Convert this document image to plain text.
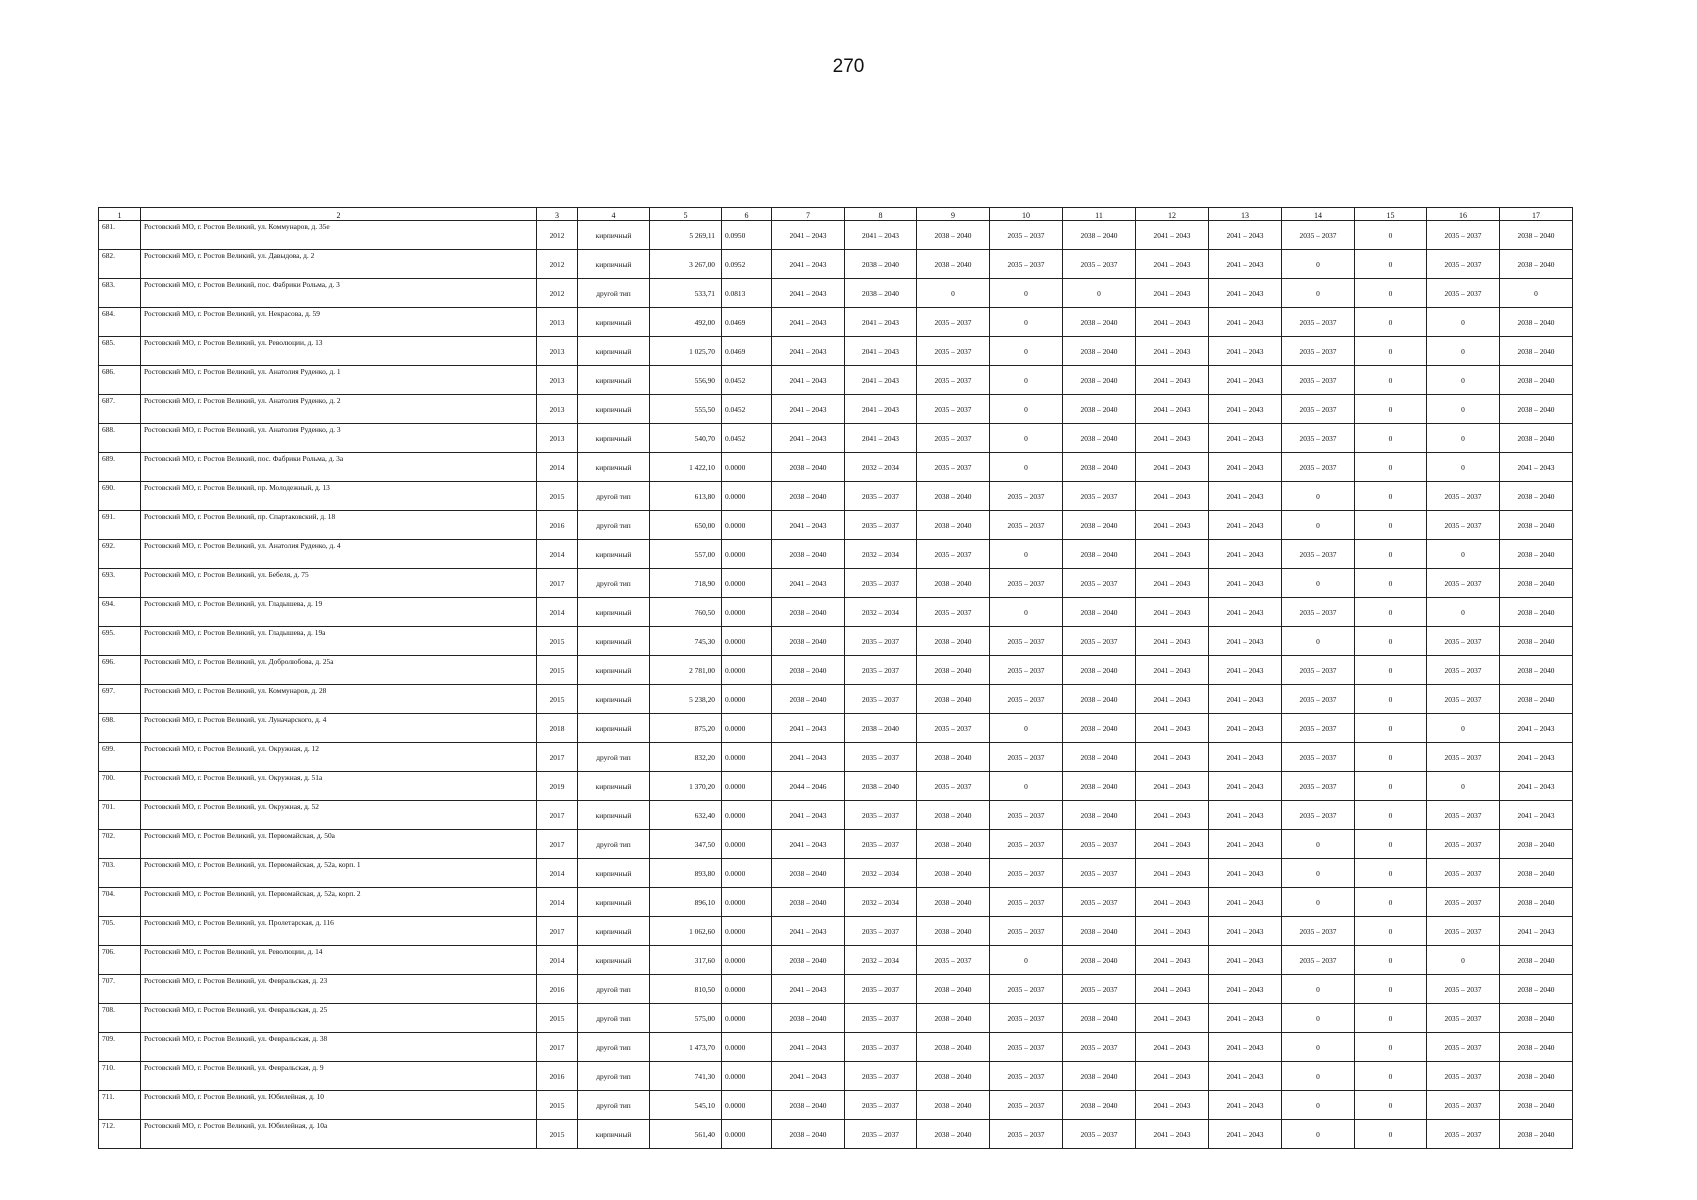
270
1	2	3	4	5	6	7	8	9	10	11	12	13	14	15	16	17
681.	Ростовский МО, г. Ростов Великий, ул. Коммунаров, д. 35е	2012	кирпичный	5 269,11	0.0950	2041 – 2043	2041 – 2043	2038 – 2040	2035 – 2037	2038 – 2040	2041 – 2043	2041 – 2043	2035 – 2037	0	2035 – 2037	2038 – 2040
682.	Ростовский МО, г. Ростов Великий, ул. Давыдова, д. 2	2012	кирпичный	3 267,00	0.0952	2041 – 2043	2038 – 2040	2038 – 2040	2035 – 2037	2035 – 2037	2041 – 2043	2041 – 2043	0	0	2035 – 2037	2038 – 2040
683.	Ростовский МО, г. Ростов Великий, пос. Фабрики Рольма, д. 3	2012	другой тип	533,71	0.0813	2041 – 2043	2038 – 2040	0	0	0	2041 – 2043	2041 – 2043	0	0	2035 – 2037	0
684.	Ростовский МО, г. Ростов Великий, ул. Некрасова, д. 59	2013	кирпичный	492,00	0.0469	2041 – 2043	2041 – 2043	2035 – 2037	0	2038 – 2040	2041 – 2043	2041 – 2043	2035 – 2037	0	0	2038 – 2040
685.	Ростовский МО, г. Ростов Великий, ул. Революции, д. 13	2013	кирпичный	1 025,70	0.0469	2041 – 2043	2041 – 2043	2035 – 2037	0	2038 – 2040	2041 – 2043	2041 – 2043	2035 – 2037	0	0	2038 – 2040
686.	Ростовский МО, г. Ростов Великий, ул. Анатолия Руденко, д. 1	2013	кирпичный	556,90	0.0452	2041 – 2043	2041 – 2043	2035 – 2037	0	2038 – 2040	2041 – 2043	2041 – 2043	2035 – 2037	0	0	2038 – 2040
687.	Ростовский МО, г. Ростов Великий, ул. Анатолия Руденко, д. 2	2013	кирпичный	555,50	0.0452	2041 – 2043	2041 – 2043	2035 – 2037	0	2038 – 2040	2041 – 2043	2041 – 2043	2035 – 2037	0	0	2038 – 2040
688.	Ростовский МО, г. Ростов Великий, ул. Анатолия Руденко, д. 3	2013	кирпичный	540,70	0.0452	2041 – 2043	2041 – 2043	2035 – 2037	0	2038 – 2040	2041 – 2043	2041 – 2043	2035 – 2037	0	0	2038 – 2040
689.	Ростовский МО, г. Ростов Великий, пос. Фабрики Рольма, д. 3а	2014	кирпичный	1 422,10	0.0000	2038 – 2040	2032 – 2034	2035 – 2037	0	2038 – 2040	2041 – 2043	2041 – 2043	2035 – 2037	0	0	2041 – 2043
690.	Ростовский МО, г. Ростов Великий, пр. Молодежный, д. 13	2015	другой тип	613,80	0.0000	2038 – 2040	2035 – 2037	2038 – 2040	2035 – 2037	2035 – 2037	2041 – 2043	2041 – 2043	0	0	2035 – 2037	2038 – 2040
691.	Ростовский МО, г. Ростов Великий, пр. Спартаковский, д. 18	2016	другой тип	650,00	0.0000	2041 – 2043	2035 – 2037	2038 – 2040	2035 – 2037	2038 – 2040	2041 – 2043	2041 – 2043	0	0	2035 – 2037	2038 – 2040
692.	Ростовский МО, г. Ростов Великий, ул. Анатолия Руденко, д. 4	2014	кирпичный	557,00	0.0000	2038 – 2040	2032 – 2034	2035 – 2037	0	2038 – 2040	2041 – 2043	2041 – 2043	2035 – 2037	0	0	2038 – 2040
693.	Ростовский МО, г. Ростов Великий, ул. Бебеля, д. 75	2017	другой тип	718,90	0.0000	2041 – 2043	2035 – 2037	2038 – 2040	2035 – 2037	2035 – 2037	2041 – 2043	2041 – 2043	0	0	2035 – 2037	2038 – 2040
694.	Ростовский МО, г. Ростов Великий, ул. Гладышева, д. 19	2014	кирпичный	760,50	0.0000	2038 – 2040	2032 – 2034	2035 – 2037	0	2038 – 2040	2041 – 2043	2041 – 2043	2035 – 2037	0	0	2038 – 2040
695.	Ростовский МО, г. Ростов Великий, ул. Гладышева, д. 19а	2015	кирпичный	745,30	0.0000	2038 – 2040	2035 – 2037	2038 – 2040	2035 – 2037	2035 – 2037	2041 – 2043	2041 – 2043	0	0	2035 – 2037	2038 – 2040
696.	Ростовский МО, г. Ростов Великий, ул. Добролюбова, д. 25а	2015	кирпичный	2 781,00	0.0000	2038 – 2040	2035 – 2037	2038 – 2040	2035 – 2037	2038 – 2040	2041 – 2043	2041 – 2043	2035 – 2037	0	2035 – 2037	2038 – 2040
697.	Ростовский МО, г. Ростов Великий, ул. Коммунаров, д. 28	2015	кирпичный	5 238,20	0.0000	2038 – 2040	2035 – 2037	2038 – 2040	2035 – 2037	2038 – 2040	2041 – 2043	2041 – 2043	2035 – 2037	0	2035 – 2037	2038 – 2040
698.	Ростовский МО, г. Ростов Великий, ул. Луначарского, д. 4	2018	кирпичный	875,20	0.0000	2041 – 2043	2038 – 2040	2035 – 2037	0	2038 – 2040	2041 – 2043	2041 – 2043	2035 – 2037	0	0	2041 – 2043
699.	Ростовский МО, г. Ростов Великий, ул. Окружная, д. 12	2017	другой тип	832,20	0.0000	2041 – 2043	2035 – 2037	2038 – 2040	2035 – 2037	2038 – 2040	2041 – 2043	2041 – 2043	2035 – 2037	0	2035 – 2037	2041 – 2043
700.	Ростовский МО, г. Ростов Великий, ул. Окружная, д. 51а	2019	кирпичный	1 370,20	0.0000	2044 – 2046	2038 – 2040	2035 – 2037	0	2038 – 2040	2041 – 2043	2041 – 2043	2035 – 2037	0	0	2041 – 2043
701.	Ростовский МО, г. Ростов Великий, ул. Окружная, д. 52	2017	кирпичный	632,40	0.0000	2041 – 2043	2035 – 2037	2038 – 2040	2035 – 2037	2038 – 2040	2041 – 2043	2041 – 2043	2035 – 2037	0	2035 – 2037	2041 – 2043
702.	Ростовский МО, г. Ростов Великий, ул. Первомайская, д. 50а	2017	другой тип	347,50	0.0000	2041 – 2043	2035 – 2037	2038 – 2040	2035 – 2037	2035 – 2037	2041 – 2043	2041 – 2043	0	0	2035 – 2037	2038 – 2040
703.	Ростовский МО, г. Ростов Великий, ул. Первомайская, д. 52а, корп. 1	2014	кирпичный	893,80	0.0000	2038 – 2040	2032 – 2034	2038 – 2040	2035 – 2037	2035 – 2037	2041 – 2043	2041 – 2043	0	0	2035 – 2037	2038 – 2040
704.	Ростовский МО, г. Ростов Великий, ул. Первомайская, д. 52а, корп. 2	2014	кирпичный	896,10	0.0000	2038 – 2040	2032 – 2034	2038 – 2040	2035 – 2037	2035 – 2037	2041 – 2043	2041 – 2043	0	0	2035 – 2037	2038 – 2040
705.	Ростовский МО, г. Ростов Великий, ул. Пролетарская, д. 116	2017	кирпичный	1 062,60	0.0000	2041 – 2043	2035 – 2037	2038 – 2040	2035 – 2037	2038 – 2040	2041 – 2043	2041 – 2043	2035 – 2037	0	2035 – 2037	2041 – 2043
706.	Ростовский МО, г. Ростов Великий, ул. Революции, д. 14	2014	кирпичный	317,60	0.0000	2038 – 2040	2032 – 2034	2035 – 2037	0	2038 – 2040	2041 – 2043	2041 – 2043	2035 – 2037	0	0	2038 – 2040
707.	Ростовский МО, г. Ростов Великий, ул. Февральская, д. 23	2016	другой тип	810,50	0.0000	2041 – 2043	2035 – 2037	2038 – 2040	2035 – 2037	2035 – 2037	2041 – 2043	2041 – 2043	0	0	2035 – 2037	2038 – 2040
708.	Ростовский МО, г. Ростов Великий, ул. Февральская, д. 25	2015	другой тип	575,00	0.0000	2038 – 2040	2035 – 2037	2038 – 2040	2035 – 2037	2038 – 2040	2041 – 2043	2041 – 2043	0	0	2035 – 2037	2038 – 2040
709.	Ростовский МО, г. Ростов Великий, ул. Февральская, д. 38	2017	другой тип	1 473,70	0.0000	2041 – 2043	2035 – 2037	2038 – 2040	2035 – 2037	2035 – 2037	2041 – 2043	2041 – 2043	0	0	2035 – 2037	2038 – 2040
710.	Ростовский МО, г. Ростов Великий, ул. Февральская, д. 9	2016	другой тип	741,30	0.0000	2041 – 2043	2035 – 2037	2038 – 2040	2035 – 2037	2038 – 2040	2041 – 2043	2041 – 2043	0	0	2035 – 2037	2038 – 2040
711.	Ростовский МО, г. Ростов Великий, ул. Юбилейная, д. 10	2015	другой тип	545,10	0.0000	2038 – 2040	2035 – 2037	2038 – 2040	2035 – 2037	2038 – 2040	2041 – 2043	2041 – 2043	0	0	2035 – 2037	2038 – 2040
712.	Ростовский МО, г. Ростов Великий, ул. Юбилейная, д. 10а	2015	кирпичный	561,40	0.0000	2038 – 2040	2035 – 2037	2038 – 2040	2035 – 2037	2035 – 2037	2041 – 2043	2041 – 2043	0	0	2035 – 2037	2038 – 2040
